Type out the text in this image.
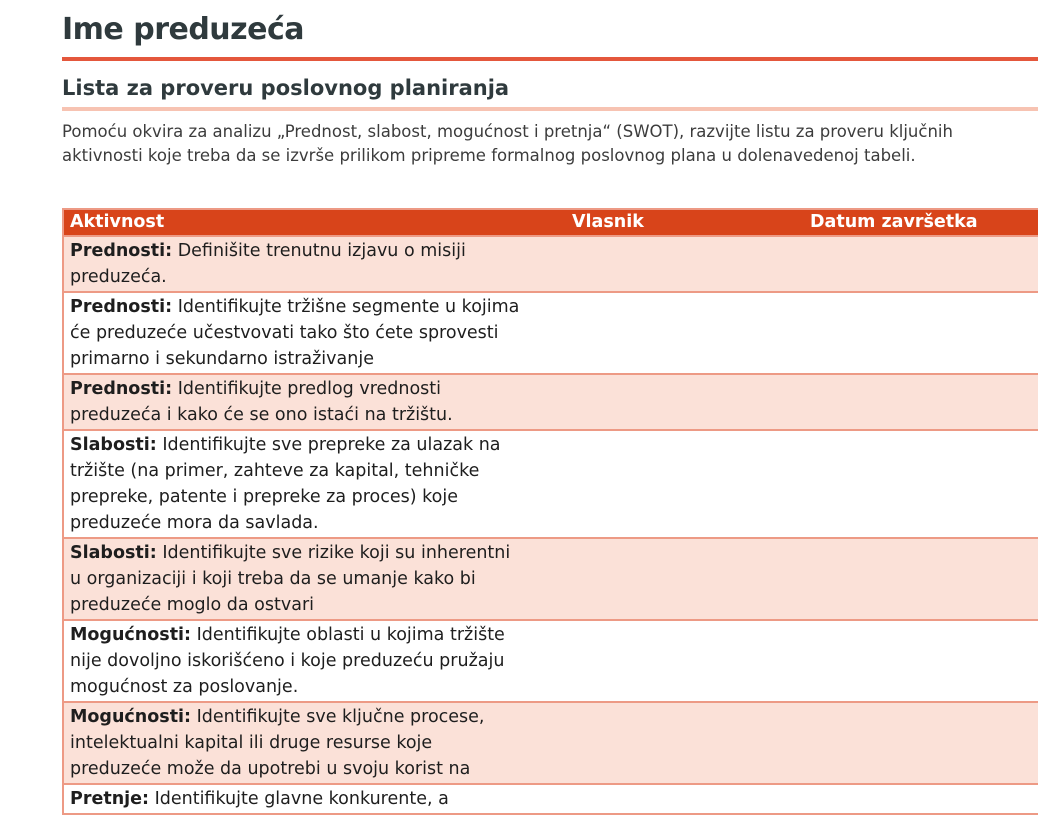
Ime preduzeća
Lista za proveru poslovnog planiranja

Pomoću okvira za analizu „Prednost, slabost, mogućnost i pretnja“ (SWOT), razvijte listu za proveru ključnih aktivnosti koje treba da se izvrše prilikom pripreme formalnog poslovnog plana u dolenavedenoj tabeli.

Aktivnost	Vlasnik	Datum završetka
Prednosti: Definišite trenutnu izjavu o misiji preduzeća.		
Prednosti: Identifikujte tržišne segmente u kojima će preduzeće učestvovati tako što ćete sprovesti primarno i sekundarno istraživanje		
Prednosti: Identifikujte predlog vrednosti preduzeća i kako će se ono istaći na tržištu.		
Slabosti: Identifikujte sve prepreke za ulazak na tržište (na primer, zahteve za kapital, tehničke prepreke, patente i prepreke za proces) koje preduzeće mora da savlada.		
Slabosti: Identifikujte sve rizike koji su inherentni u organizaciji i koji treba da se umanje kako bi preduzeće moglo da ostvari		
Mogućnosti: Identifikujte oblasti u kojima tržište nije dovoljno iskorišćeno i koje preduzeću pružaju mogućnost za poslovanje.		
Mogućnosti: Identifikujte sve ključne procese, intelektualni kapital ili druge resurse koje preduzeće može da upotrebi u svoju korist na		
Pretnje: Identifikujte glavne konkurente, a		
